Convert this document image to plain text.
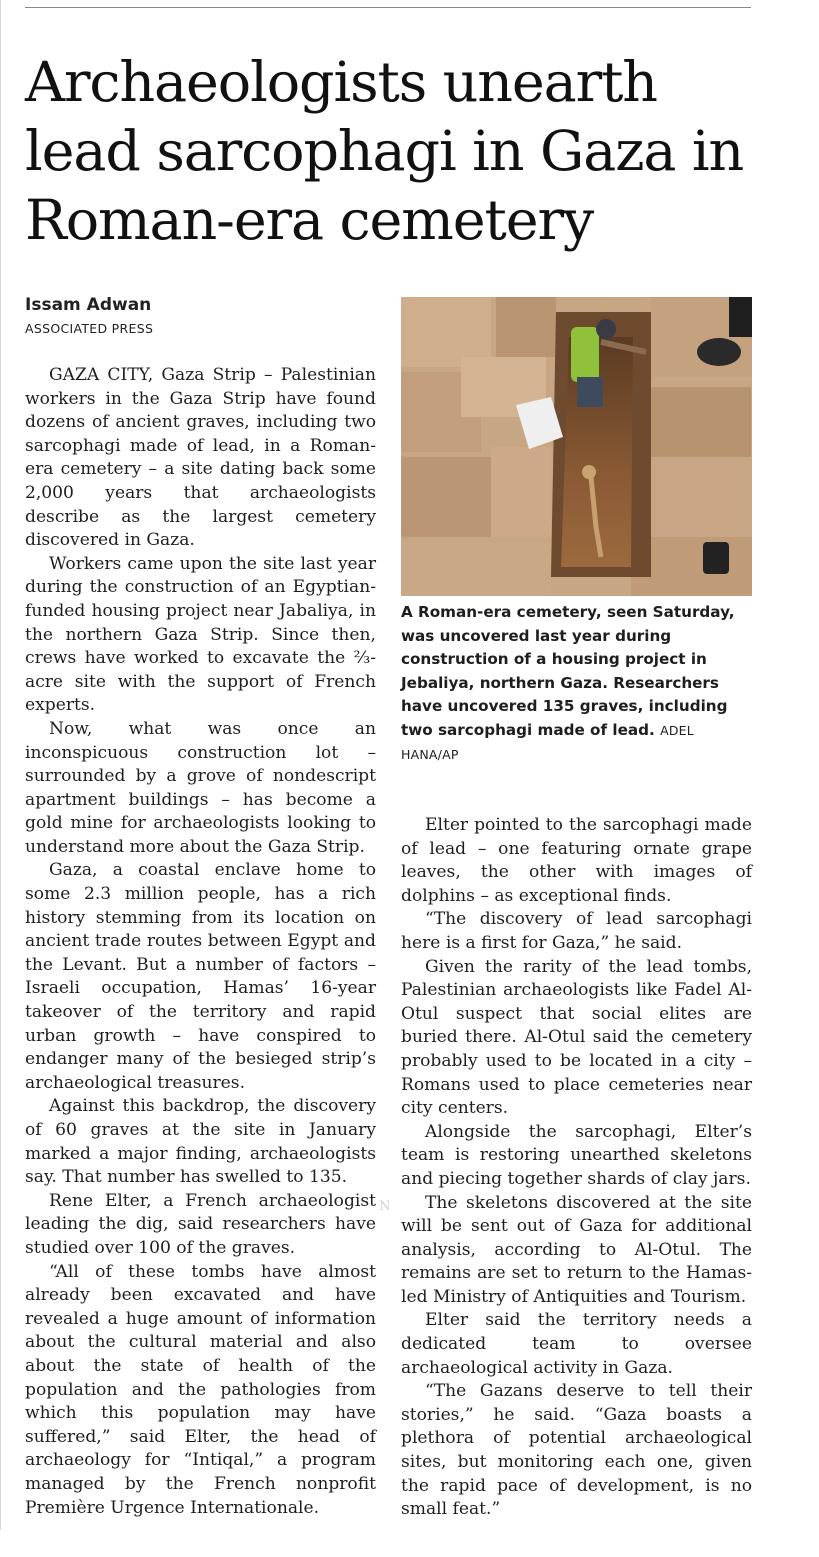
Archaeologists unearth lead sarcophagi in Gaza in Roman-era cemetery

Issam Adwan

ASSOCIATED PRESS

GAZA CITY, Gaza Strip – Palestinian workers in the Gaza Strip have found dozens of ancient graves, including two sarcophagi made of lead, in a Roman-era cemetery – a site dating back some 2,000 years that archaeologists describe as the largest cemetery discovered in Gaza.

Workers came upon the site last year during the construction of an Egyptian-funded housing project near Jabaliya, in the northern Gaza Strip. Since then, crews have worked to excavate the ⅔-acre site with the support of French experts.

Now, what was once an inconspicuous construction lot – surrounded by a grove of nondescript apartment buildings – has become a gold mine for archaeologists looking to understand more about the Gaza Strip.

Gaza, a coastal enclave home to some 2.3 million people, has a rich history stemming from its location on ancient trade routes between Egypt and the Levant. But a number of factors – Israeli occupation, Hamas’ 16-year takeover of the territory and rapid urban growth – have conspired to endanger many of the besieged strip’s archaeological treasures.

Against this backdrop, the discovery of 60 graves at the site in January marked a major finding, archaeologists say. That number has swelled to 135.

Rene Elter, a French archaeologist leading the dig, said researchers have studied over 100 of the graves.

“All of these tombs have almost already been excavated and have revealed a huge amount of information about the cultural material and also about the state of health of the population and the pathologies from which this population may have suffered,” said Elter, the head of archaeology for “Intiqal,” a program managed by the French nonprofit Première Urgence Internationale.

A Roman-era cemetery, seen Saturday, was uncovered last year during construction of a housing project in Jebaliya, northern Gaza. Researchers have uncovered 135 graves, including two sarcophagi made of lead. ADEL HANA/AP

Elter pointed to the sarcophagi made of lead – one featuring ornate grape leaves, the other with images of dolphins – as exceptional finds.

“The discovery of lead sarcophagi here is a first for Gaza,” he said.

Given the rarity of the lead tombs, Palestinian archaeologists like Fadel Al-Otul suspect that social elites are buried there. Al-Otul said the cemetery probably used to be located in a city – Romans used to place cemeteries near city centers.

Alongside the sarcophagi, Elter’s team is restoring unearthed skeletons and piecing together shards of clay jars.

The skeletons discovered at the site will be sent out of Gaza for additional analysis, according to Al-Otul. The remains are set to return to the Hamas-led Ministry of Antiquities and Tourism.

Elter said the territory needs a dedicated team to oversee archaeological activity in Gaza.

“The Gazans deserve to tell their stories,” he said. “Gaza boasts a plethora of potential archaeological sites, but monitoring each one, given the rapid pace of development, is no small feat.”

N
